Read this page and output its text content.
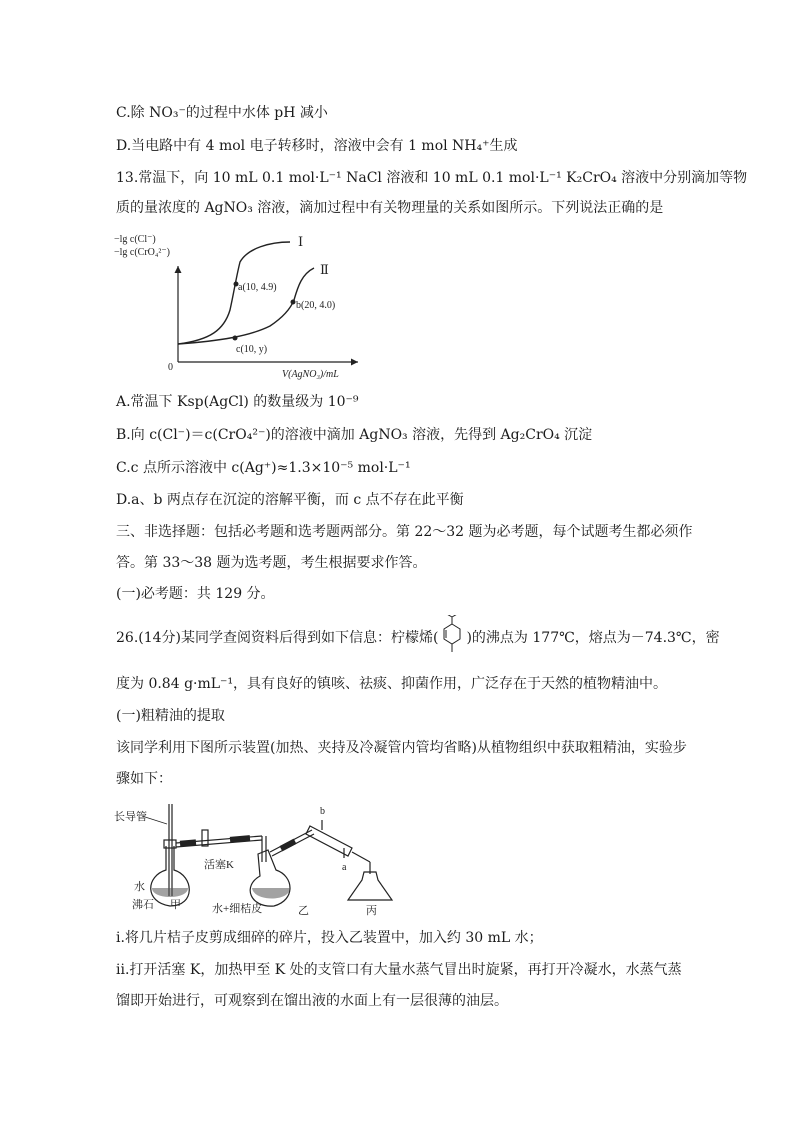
C.除 NO₃⁻的过程中水体 pH 减小
D.当电路中有 4 mol 电子转移时，溶液中会有 1 mol NH₄⁺生成
13.常温下，向 10 mL 0.1 mol·L⁻¹ NaCl 溶液和 10 mL 0.1 mol·L⁻¹ K₂CrO₄ 溶液中分别滴加等物
质的量浓度的 AgNO₃ 溶液，滴加过程中有关物理量的关系如图所示。下列说法正确的是
−lg c(Cl⁻)
−lg c(CrO₄²⁻)
0
V(AgNO₃)/mL
Ⅰ
Ⅱ
a(10, 4.9)
b(20, 4.0)
c(10, y)
A.常温下 Ksp(AgCl) 的数量级为 10⁻⁹
B.向 c(Cl⁻)＝c(CrO₄²⁻)的溶液中滴加 AgNO₃ 溶液，先得到 Ag₂CrO₄ 沉淀
C.c 点所示溶液中 c(Ag⁺)≈1.3×10⁻⁵ mol·L⁻¹
D.a、b 两点存在沉淀的溶解平衡，而 c 点不存在此平衡
三、非选择题：包括必考题和选考题两部分。第 22～32 题为必考题，每个试题考生都必须作
答。第 33～38 题为选考题，考生根据要求作答。
(一)必考题：共 129 分。
26.(14分)某同学查阅资料后得到如下信息：柠檬烯( )的沸点为 177℃，熔点为－74.3℃，密
度为 0.84 g·mL⁻¹，具有良好的镇咳、祛痰、抑菌作用，广泛存在于天然的植物精油中。
(一)粗精油的提取
该同学利用下图所示装置(加热、夹持及冷凝管内管均省略)从植物组织中获取粗精油，实验步
骤如下：
长导管
活塞K
水
沸石 甲	水+细桔皮	乙	丙
b
a
i.将几片桔子皮剪成细碎的碎片，投入乙装置中，加入约 30 mL 水；
ii.打开活塞 K，加热甲至 K 处的支管口有大量水蒸气冒出时旋紧，再打开冷凝水，水蒸气蒸
馏即开始进行，可观察到在馏出液的水面上有一层很薄的油层。
